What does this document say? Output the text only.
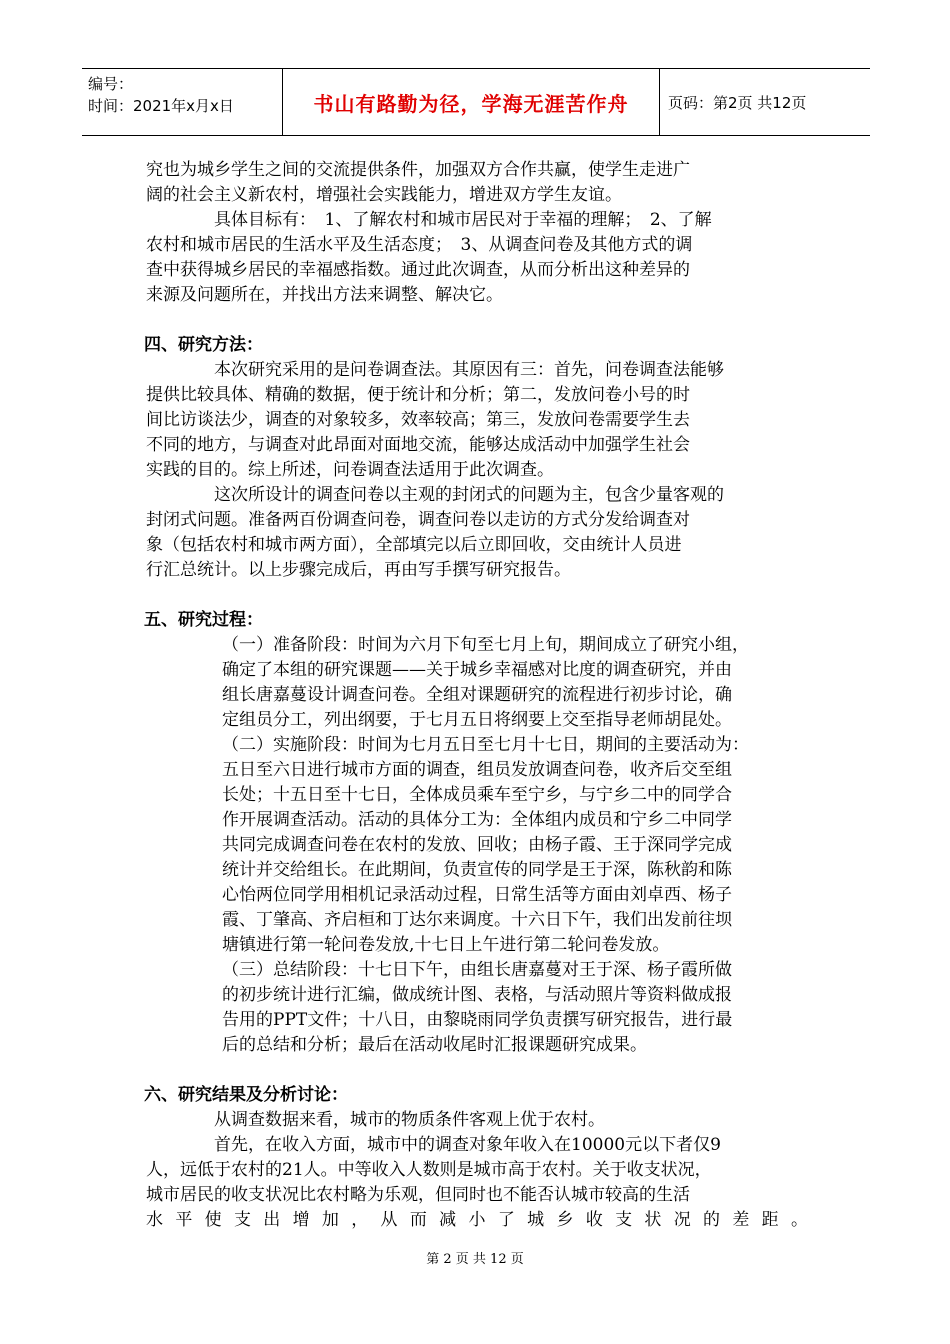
编号：
时间：2021年x月x日	书山有路勤为径，学海无涯苦作舟	页码：第2页 共12页
究也为城乡学生之间的交流提供条件，加强双方合作共赢，使学生走进广
阔的社会主义新农村，增强社会实践能力，增进双方学生友谊。
具体目标有：　1、了解农村和城市居民对于幸福的理解；　2、了解
农村和城市居民的生活水平及生活态度；　3、从调查问卷及其他方式的调
查中获得城乡居民的幸福感指数。通过此次调查，从而分析出这种差异的
来源及问题所在，并找出方法来调整、解决它。
四、研究方法：
本次研究采用的是问卷调查法。其原因有三：首先，问卷调查法能够
提供比较具体、精确的数据，便于统计和分析；第二，发放问卷小号的时
间比访谈法少，调查的对象较多，效率较高；第三，发放问卷需要学生去
不同的地方，与调查对此昂面对面地交流，能够达成活动中加强学生社会
实践的目的。综上所述，问卷调查法适用于此次调查。
这次所设计的调查问卷以主观的封闭式的问题为主，包含少量客观的
封闭式问题。准备两百份调查问卷，调查问卷以走访的方式分发给调查对
象（包括农村和城市两方面），全部填完以后立即回收，交由统计人员进
行汇总统计。以上步骤完成后，再由写手撰写研究报告。
五、研究过程：
（一）准备阶段：时间为六月下旬至七月上旬，期间成立了研究小组，
确定了本组的研究课题——关于城乡幸福感对比度的调查研究，并由
组长唐嘉蔓设计调查问卷。全组对课题研究的流程进行初步讨论，确
定组员分工，列出纲要，于七月五日将纲要上交至指导老师胡昆处。
（二）实施阶段：时间为七月五日至七月十七日，期间的主要活动为：
五日至六日进行城市方面的调查，组员发放调查问卷，收齐后交至组
长处；十五日至十七日，全体成员乘车至宁乡，与宁乡二中的同学合
作开展调查活动。活动的具体分工为：全体组内成员和宁乡二中同学
共同完成调查问卷在农村的发放、回收；由杨子霞、王于深同学完成
统计并交给组长。在此期间，负责宣传的同学是王于深，陈秋韵和陈
心怡两位同学用相机记录活动过程，日常生活等方面由刘卓西、杨子
霞、丁肇高、齐启桓和丁达尔来调度。十六日下午，我们出发前往坝
塘镇进行第一轮问卷发放,十七日上午进行第二轮问卷发放。
（三）总结阶段：十七日下午，由组长唐嘉蔓对王于深、杨子霞所做
的初步统计进行汇编，做成统计图、表格，与活动照片等资料做成报
告用的PPT文件；十八日，由黎晓雨同学负责撰写研究报告，进行最
后的总结和分析；最后在活动收尾时汇报课题研究成果。
六、研究结果及分析讨论：
从调查数据来看，城市的物质条件客观上优于农村。
首先，在收入方面，城市中的调查对象年收入在10000元以下者仅9
人，远低于农村的21人。中等收入人数则是城市高于农村。关于收支状况，
城市居民的收支状况比农村略为乐观，但同时也不能否认城市较高的生活
水平使支出增加，从而减小了城乡收支状况的差距。
第 2 页 共 12 页
